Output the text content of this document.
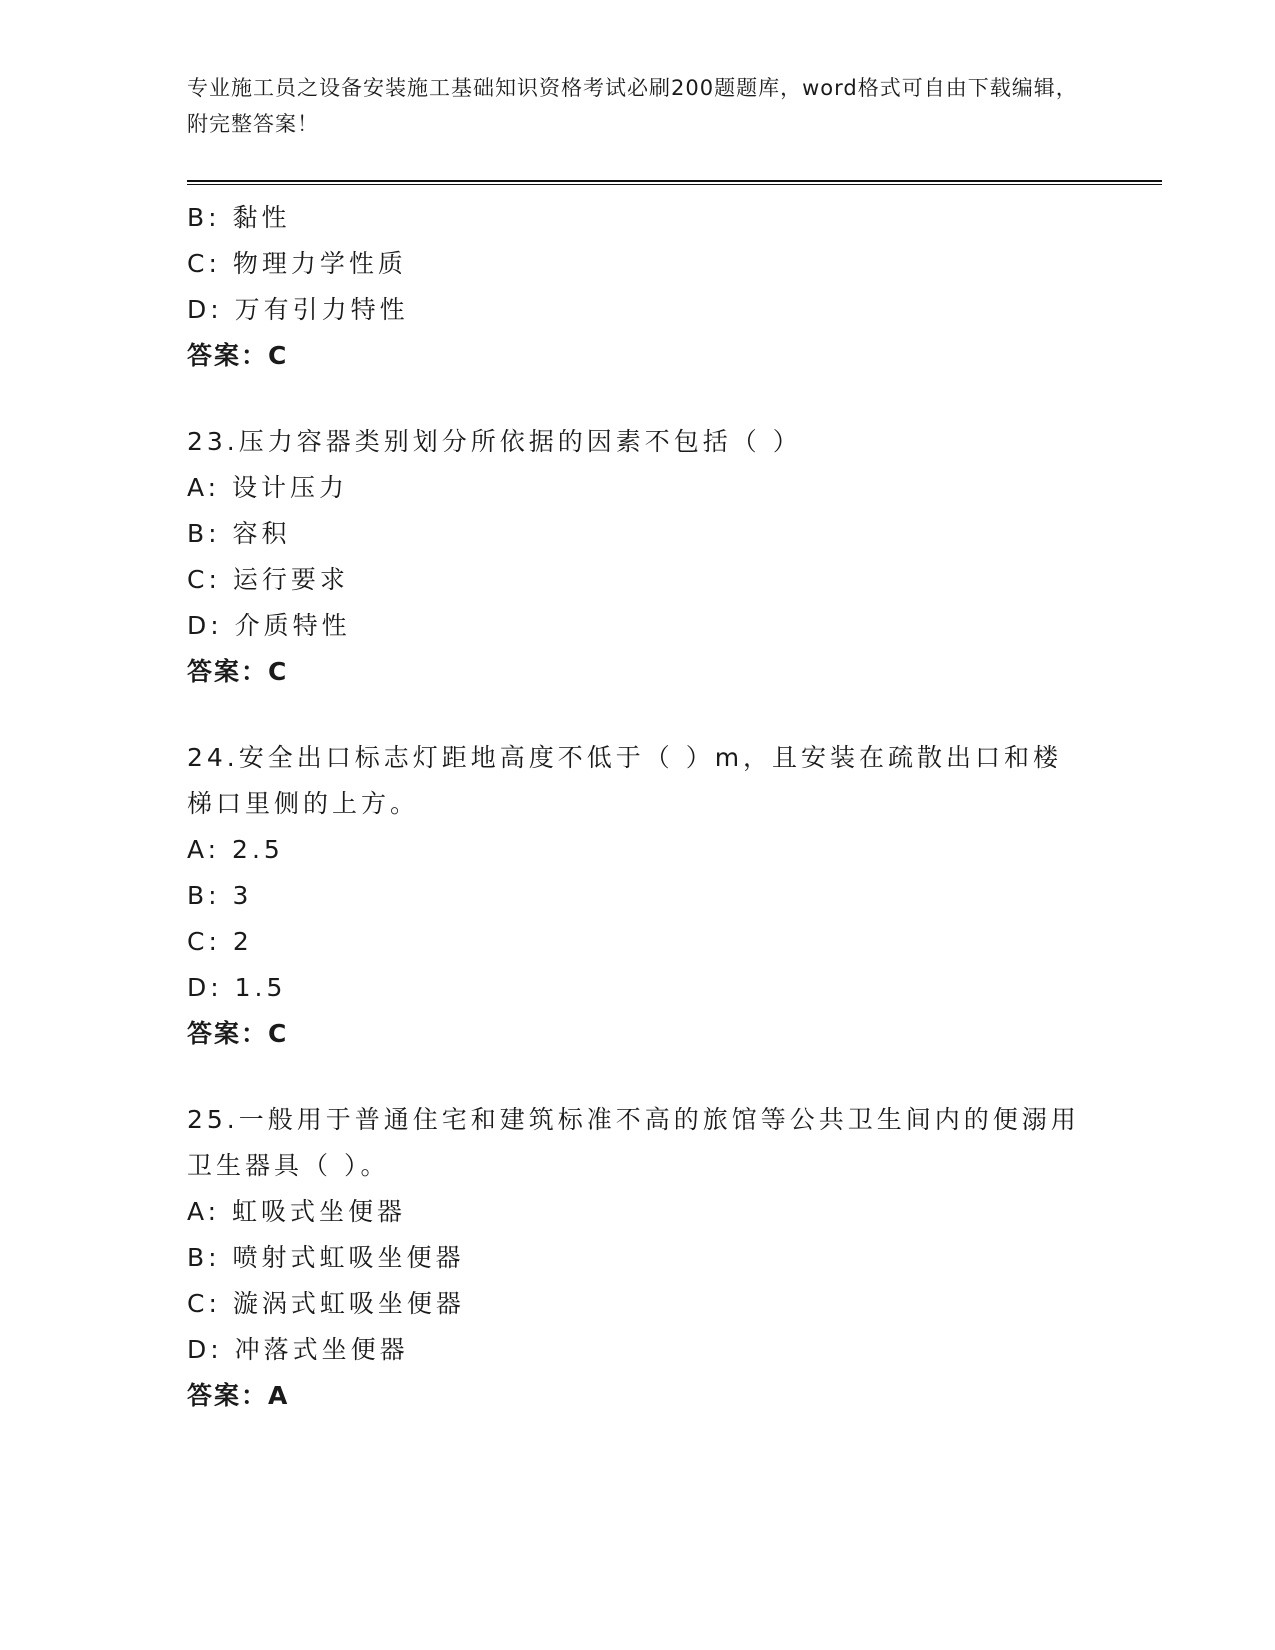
专业施工员之设备安装施工基础知识资格考试必刷200题题库，word格式可自由下载编辑，附完整答案！

B: 黏性
C: 物理力学性质
D: 万有引力特性
答案：C

23.压力容器类别划分所依据的因素不包括（ ）

A: 设计压力
B: 容积
C: 运行要求
D: 介质特性
答案：C

24.安全出口标志灯距地高度不低于（ ）m，且安装在疏散出口和楼梯口里侧的上方。

A: 2.5
B: 3
C: 2
D: 1.5
答案：C

25.一般用于普通住宅和建筑标准不高的旅馆等公共卫生间内的便溺用卫生器具（ ）。

A: 虹吸式坐便器
B: 喷射式虹吸坐便器
C: 漩涡式虹吸坐便器
D: 冲落式坐便器
答案：A
